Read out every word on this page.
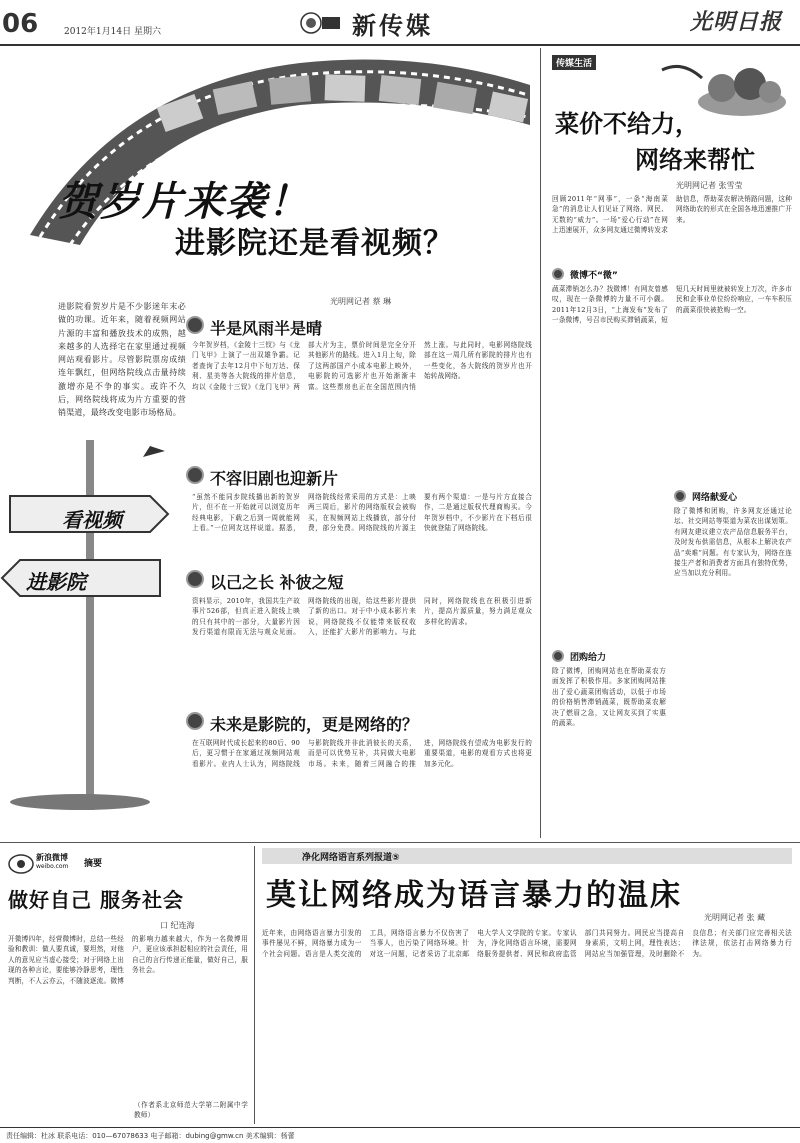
06	2012年1月14日 星期六	新传媒	光明日报
贺岁片来袭！
进影院还是看视频？
光明网记者 蔡 琳
进影院看贺岁片是不少影迷年末必做的功课。近年来，随着视频网站片源的丰富和播放技术的成熟，越来越多的人选择宅在家里通过视频网站观看影片。尽管影院票房成绩连年飘红，但网络院线点击量持续激增亦是不争的事实。或许不久后，网络院线将成为片方重要的营销渠道，最终改变电影市场格局。
看视频
进影院
半是风雨半是晴
今年贺岁档，《金陵十三钗》与《龙门飞甲》上演了一出双雄争霸。记者查询了去年12月中下旬万达、保利、星美等各大院线的排片信息，均以《金陵十三钗》《龙门飞甲》两部大片为主，票价时间是完全分开其他影片的路线。进入1月上旬，除了这两部国产小成本电影上映外，电影院的可选影片也开始渐渐丰富。这些票房也正在全国范围内悄然上涨。与此同时，电影网络院线部在这一周几所有影院的排片也有一些变化，各大院线的贺岁片也开始转战网络。
不容旧剧也迎新片
“虽然不能同步院线播出新的贺岁片，但不在一开始就可以浏览历年经典电影，下载之后到一周就能网上看。”一位网友这样说道。据悉，网络院线经常采用的方式是：上映两三周后，影片的网络版权会被购买，在视频网站上线播放，部分付费，部分免费。网络院线的片源主要有两个渠道：一是与片方直接合作，二是通过版权代理商购买。今年贺岁档中，不少影片在下档后很快就登陆了网络院线。
以己之长 补彼之短
资料显示，2010年，我国共生产故事片526部，但真正进入院线上映的只有其中的一部分，大量影片因发行渠道有限而无法与观众见面。网络院线的出现，给这些影片提供了新的出口。对于中小成本影片来说，网络院线不仅能带来版权收入，还能扩大影片的影响力。与此同时，网络院线也在积极引进新片，提高片源质量，努力满足观众多样化的需求。
未来是影院的，更是网络的？
在互联网时代成长起来的80后、90后，更习惯于在家通过视频网站观看影片。业内人士认为，网络院线与影院院线并非此消彼长的关系，而是可以优势互补，共同做大电影市场。未来，随着三网融合的推进，网络院线有望成为电影发行的重要渠道，电影的观看方式也将更加多元化。
传媒生活
菜价不给力，
网络来帮忙
光明网记者 张雪莹
回顾2011年“网事”，一条“海南菜急”的消息让人们见证了网络、网民、无数的“威力”。一场“爱心行动”在网上迅速展开，众多网友通过微博转发求助信息，帮助菜农解决销路问题，这种网络助农的形式在全国各地迅速推广开来。
微博不“微”
蔬菜滞销怎么办？找微博！有网友曾感叹，现在一条微博的力量不可小觑。2011年12月3日，“上海发布”发布了一条微博，号召市民购买滞销蔬菜，短短几天时间里就被转发上万次，许多市民和企事业单位纷纷响应，一车车积压的蔬菜很快被抢购一空。
团购给力
除了微博，团购网站也在帮助菜农方面发挥了积极作用。多家团购网站推出了爱心蔬菜团购活动，以低于市场的价格销售滞销蔬菜，既帮助菜农解决了燃眉之急，又让网友买到了实惠的蔬菜。
网络献爱心
除了微博和团购，许多网友还通过论坛、社交网站等渠道为菜农出谋划策。有网友建议建立农产品信息服务平台，及时发布供需信息，从根本上解决农产品“卖难”问题。有专家认为，网络在连接生产者和消费者方面具有独特优势，应当加以充分利用。
新浪微博
weibo.com 摘要
做好自己 服务社会
口 纪连海
开微博四年，经营微博时，总结一些经验和教训：做人要真诚，要坦然，对他人的意见应当虚心接受；对于网络上出现的各种言论，要能够冷静思考，理性判断，不人云亦云，不随波逐流。微博的影响力越来越大，作为一名微博用户，更应该承担起相应的社会责任，用自己的言行传递正能量，做好自己，服务社会。
（作者系北京师范大学第二附属中学教师）
净化网络语言系列报道⑤
莫让网络成为语言暴力的温床
光明网记者 张 藏
近年来，由网络语言暴力引发的事件屡见不鲜，网络暴力成为一个社会问题。语言是人类交流的工具，网络语言暴力不仅伤害了当事人，也污染了网络环境。针对这一问题，记者采访了北京邮电大学人文学院的专家。专家认为，净化网络语言环境，需要网络服务提供者、网民和政府监管部门共同努力。网民应当提高自身素质，文明上网，理性表达；网站应当加强管理，及时删除不良信息；有关部门应完善相关法律法规，依法打击网络暴力行为。
责任编辑：杜冰 联系电话：010—67078633 电子邮箱：dubing@gmw.cn 美术编辑：杨蕾
